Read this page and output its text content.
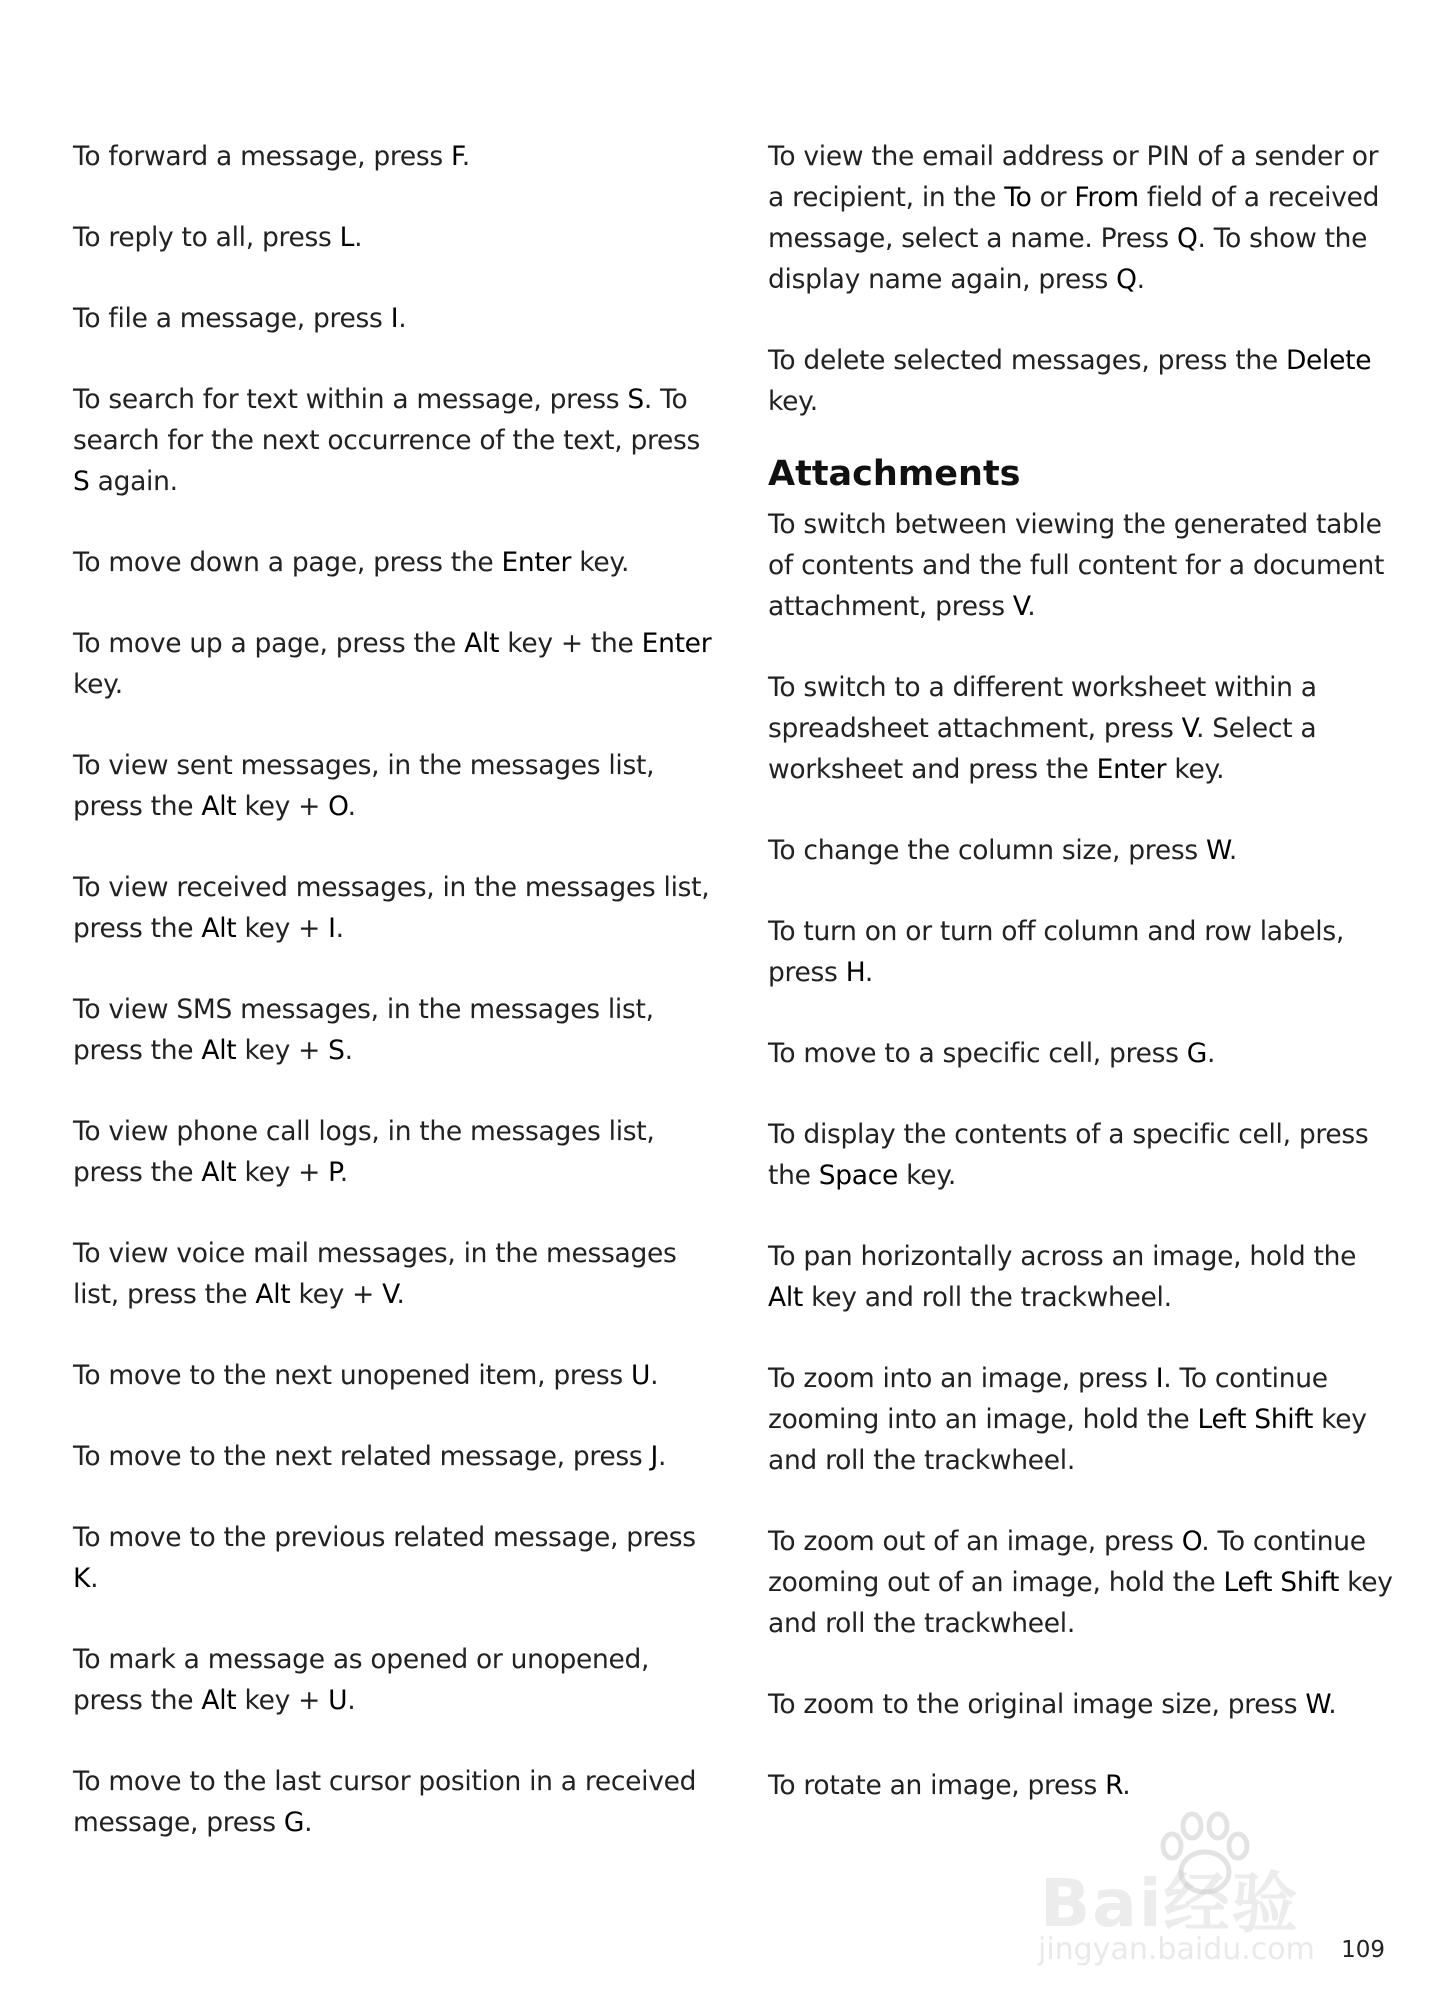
To forward a message, press F.

To reply to all, press L.

To file a message, press I.

To search for text within a message, press S. To search for the next occurrence of the text, press S again.

To move down a page, press the Enter key.

To move up a page, press the Alt key + the Enter key.

To view sent messages, in the messages list, press the Alt key + O.

To view received messages, in the messages list, press the Alt key + I.

To view SMS messages, in the messages list, press the Alt key + S.

To view phone call logs, in the messages list, press the Alt key + P.

To view voice mail messages, in the messages list, press the Alt key + V.

To move to the next unopened item, press U.

To move to the next related message, press J.

To move to the previous related message, press K.

To mark a message as opened or unopened, press the Alt key + U.

To move to the last cursor position in a received message, press G.

To view the email address or PIN of a sender or a recipient, in the To or From field of a received message, select a name. Press Q. To show the display name again, press Q.

To delete selected messages, press the Delete key.

Attachments

To switch between viewing the generated table of contents and the full content for a document attachment, press V.

To switch to a different worksheet within a spreadsheet attachment, press V. Select a worksheet and press the Enter key.

To change the column size, press W.

To turn on or turn off column and row labels, press H.

To move to a specific cell, press G.

To display the contents of a specific cell, press the Space key.

To pan horizontally across an image, hold the Alt key and roll the trackwheel.

To zoom into an image, press I. To continue zooming into an image, hold the Left Shift key and roll the trackwheel.

To zoom out of an image, press O. To continue zooming out of an image, hold the Left Shift key and roll the trackwheel.

To zoom to the original image size, press W.

To rotate an image, press R.

Bai经验
jingyan.baidu.com 109
